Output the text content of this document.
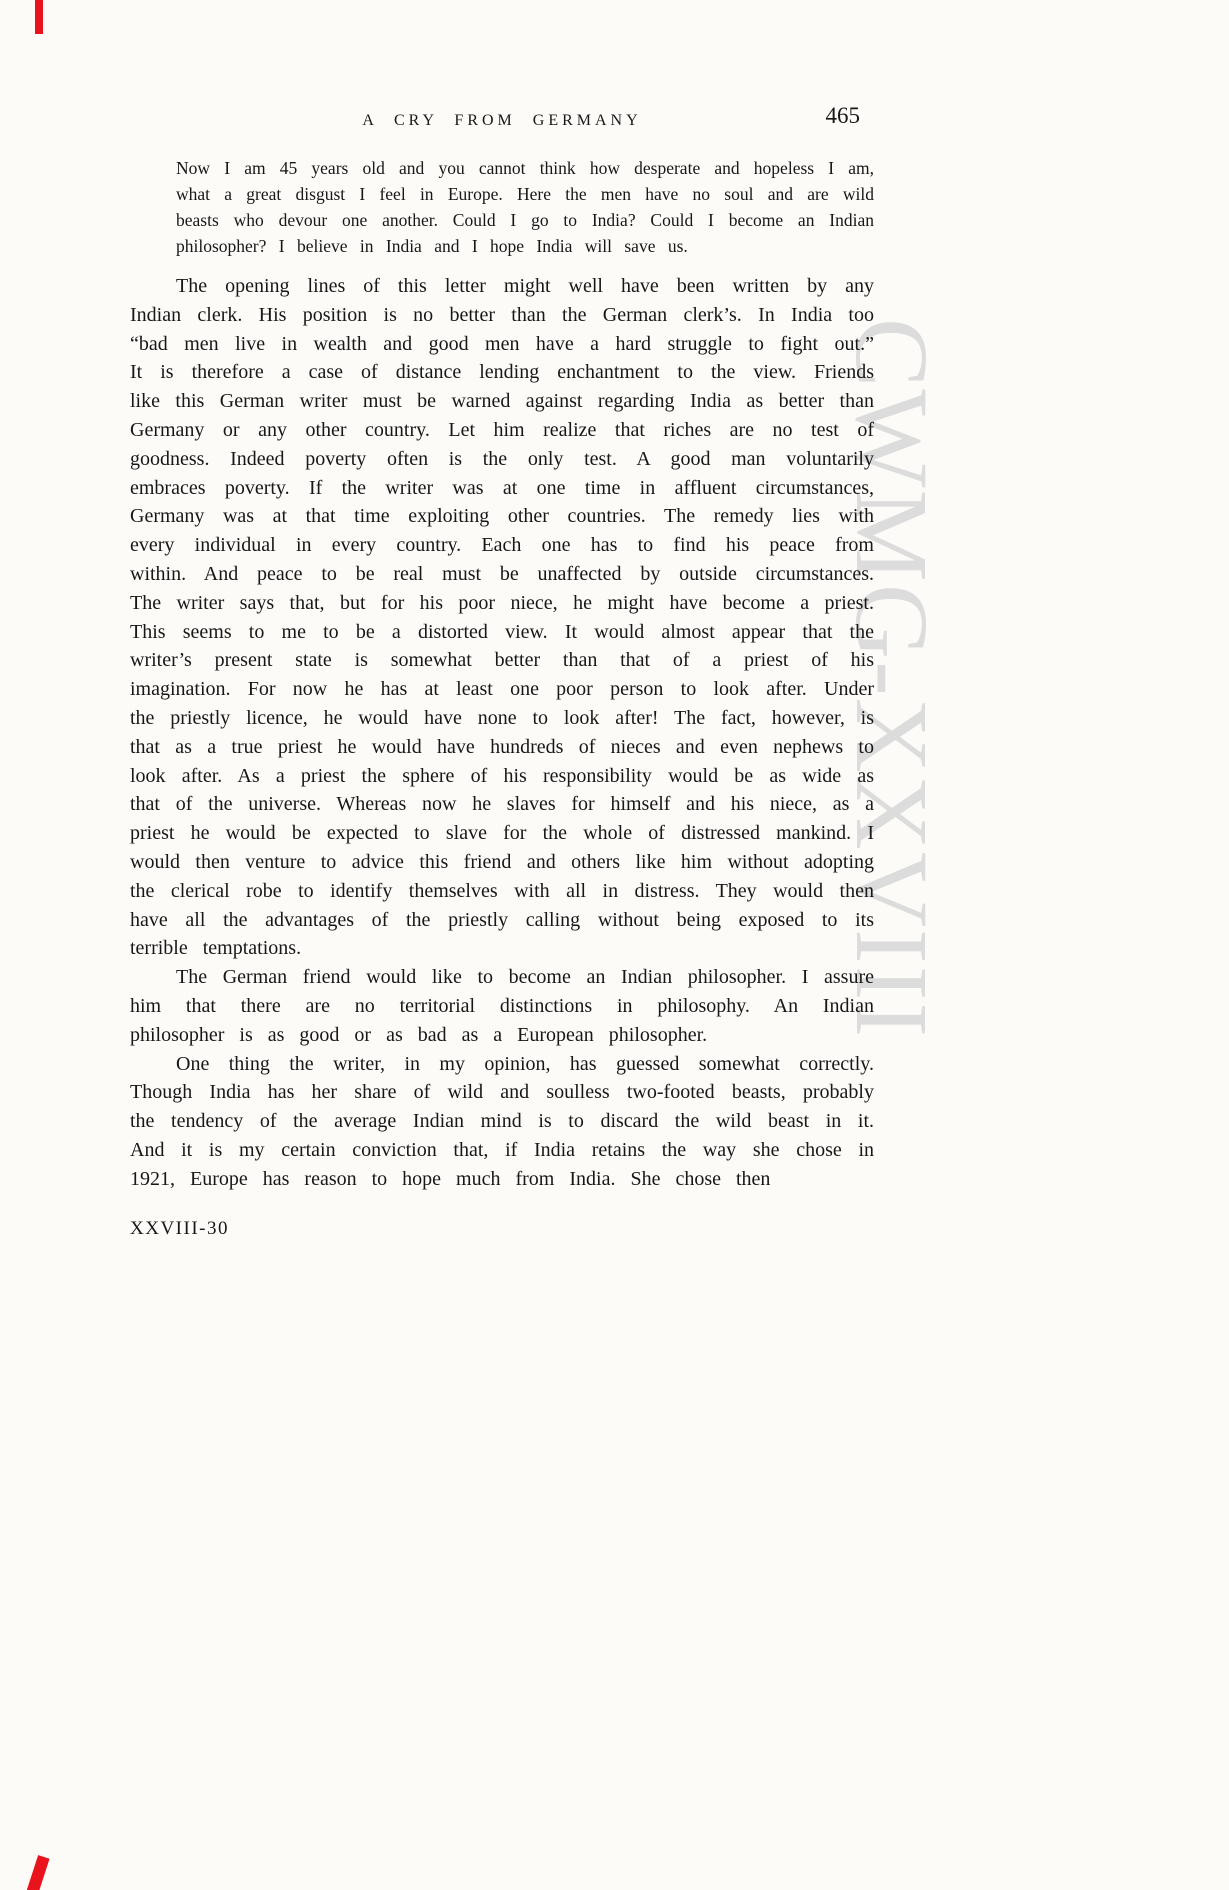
CWMG-XXVIII
A CRY FROM GERMANY	465
Now I am 45 years old and you cannot think how desperate and hopeless I am, what a great disgust I feel in Europe. Here the men have no soul and are wild beasts who devour one another. Could I go to India? Could I become an Indian philosopher? I believe in India and I hope India will save us.

The opening lines of this letter might well have been written by any Indian clerk. His position is no better than the German clerk’s. In India too “bad men live in wealth and good men have a hard struggle to fight out.” It is therefore a case of distance lending enchantment to the view. Friends like this German writer must be warned against regarding India as better than Germany or any other country. Let him realize that riches are no test of goodness. Indeed poverty often is the only test. A good man voluntarily embraces poverty. If the writer was at one time in affluent circumstances, Germany was at that time exploiting other countries. The remedy lies with every individual in every country. Each one has to find his peace from within. And peace to be real must be unaffected by outside circumstances. The writer says that, but for his poor niece, he might have become a priest. This seems to me to be a distorted view. It would almost appear that the writer’s present state is somewhat better than that of a priest of his imagination. For now he has at least one poor person to look after. Under the priestly licence, he would have none to look after! The fact, however, is that as a true priest he would have hundreds of nieces and even nephews to look after. As a priest the sphere of his responsibility would be as wide as that of the universe. Whereas now he slaves for himself and his niece, as a priest he would be expected to slave for the whole of distressed mankind. I would then venture to advice this friend and others like him without adopting the clerical robe to identify themselves with all in distress. They would then have all the advantages of the priestly calling without being exposed to its terrible temptations.

The German friend would like to become an Indian philosopher. I assure him that there are no territorial distinctions in philosophy. An Indian philosopher is as good or as bad as a European philosopher.

One thing the writer, in my opinion, has guessed somewhat correctly. Though India has her share of wild and soulless two-footed beasts, probably the tendency of the average Indian mind is to discard the wild beast in it. And it is my certain conviction that, if India retains the way she chose in 1921, Europe has reason to hope much from India. She chose then

XXVIII-30
